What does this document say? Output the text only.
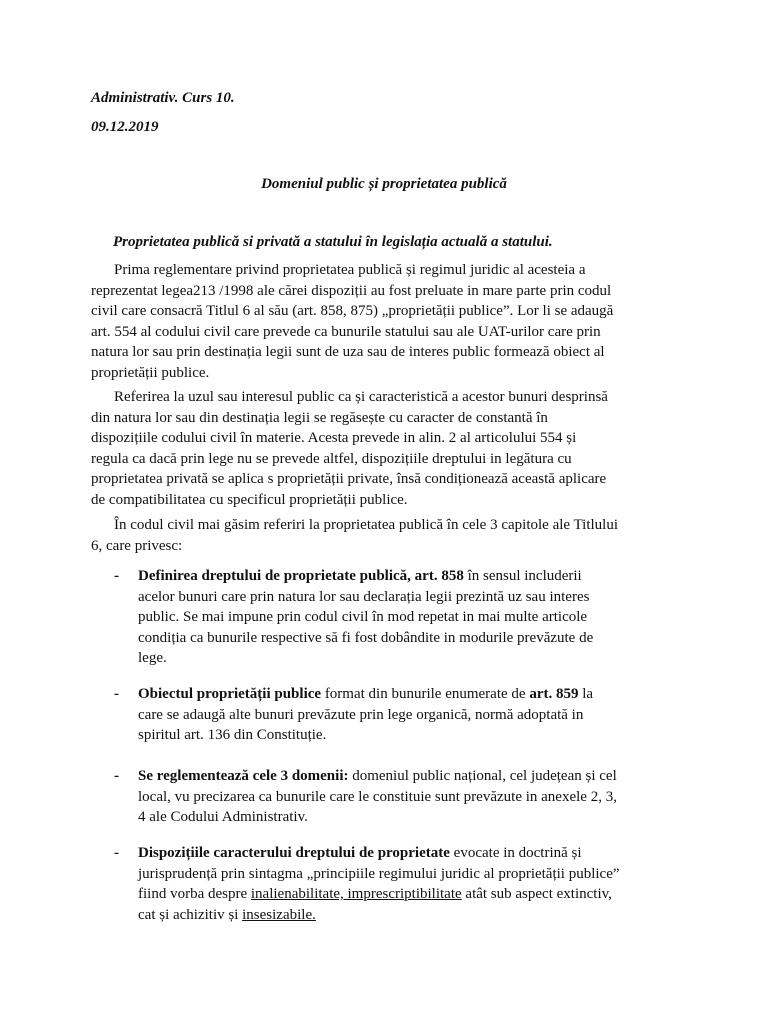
Administrativ. Curs 10.
09.12.2019
Domeniul public și proprietatea publică
Proprietatea publică si privată a statului în legislația actuală a statului.
Prima reglementare privind proprietatea publică și regimul juridic al acesteia a
reprezentat legea213 /1998 ale cărei dispoziții au fost preluate in mare parte prin codul
civil care consacră Titlul 6 al său (art. 858, 875) „proprietății publice”. Lor li se adaugă
art. 554 al codului civil care prevede ca bunurile statului sau ale UAT-urilor care prin
natura lor sau prin destinația legii sunt de uza sau de interes public formează obiect al
proprietății publice.
Referirea la uzul sau interesul public ca și caracteristică a acestor bunuri desprinsă
din natura lor sau din destinația legii se regăsește cu caracter de constantă în
dispozițiile codului civil în materie. Acesta prevede in alin. 2 al articolului 554 și
regula ca dacă prin lege nu se prevede altfel, dispozițiile dreptului in legătura cu
proprietatea privată se aplica s proprietății private, însă condiționează această aplicare
de compatibilitatea cu specificul proprietății publice.
În codul civil mai găsim referiri la proprietatea publică în cele 3 capitole ale Titlului
6, care privesc:
- Definirea dreptului de proprietate publică, art. 858 în sensul includerii
acelor bunuri care prin natura lor sau declarația legii prezintă uz sau interes
public. Se mai impune prin codul civil în mod repetat in mai multe articole
condiția ca bunurile respective să fi fost dobândite in modurile prevăzute de
lege.
- Obiectul proprietății publice format din bunurile enumerate de art. 859 la
care se adaugă alte bunuri prevăzute prin lege organică, normă adoptată in
spiritul art. 136 din Constituție.
- Se reglementează cele 3 domenii: domeniul public național, cel județean și cel
local, vu precizarea ca bunurile care le constituie sunt prevăzute in anexele 2, 3,
4 ale Codului Administrativ.
- Dispozițiile caracterului dreptului de proprietate evocate in doctrină și
jurisprudență prin sintagma „principiile regimului juridic al proprietății publice”
fiind vorba despre inalienabilitate, imprescriptibilitate atât sub aspect extinctiv,
cat și achizitiv și insesizabile.
